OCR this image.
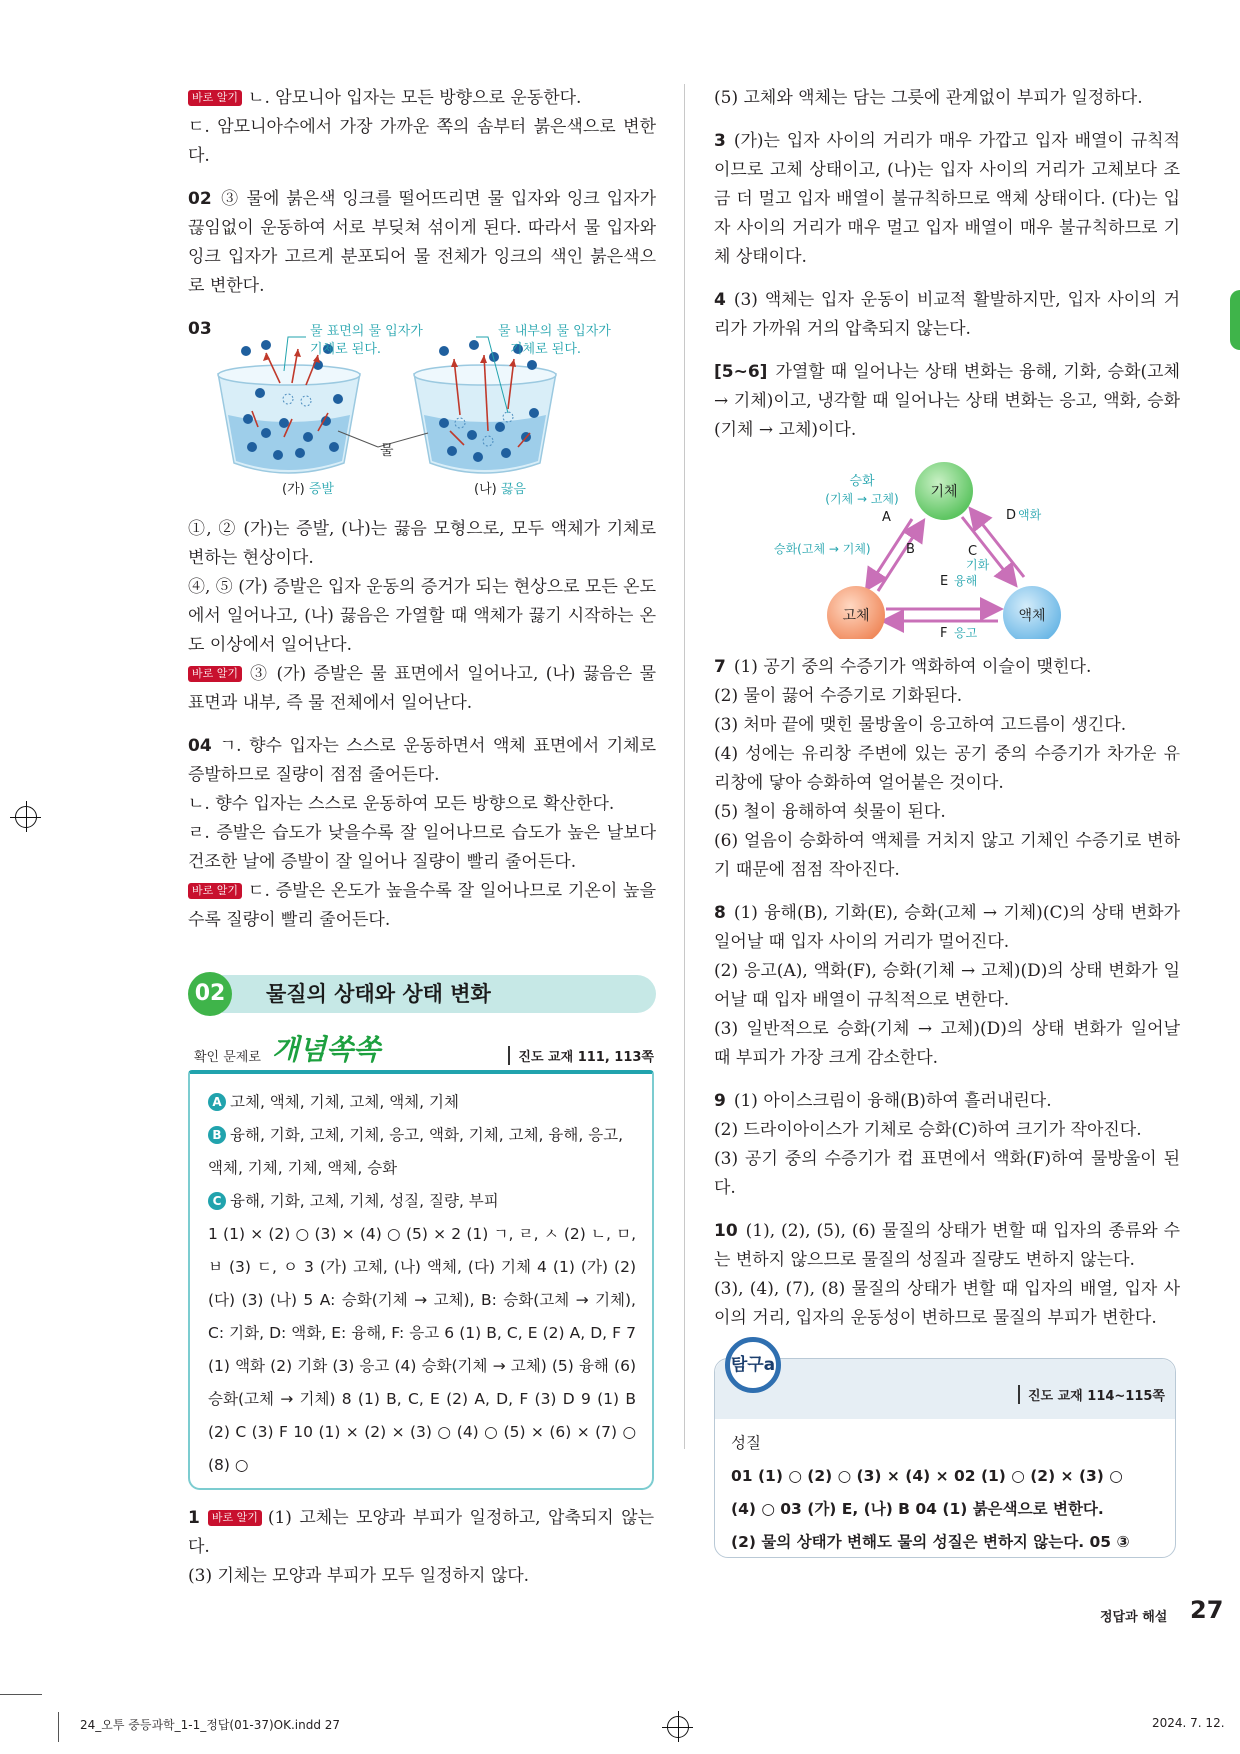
바로 알기 ㄴ. 암모니아 입자는 모든 방향으로 운동한다.

ㄷ. 암모니아수에서 가장 가까운 쪽의 솜부터 붉은색으로 변한다.

02 ③ 물에 붉은색 잉크를 떨어뜨리면 물 입자와 잉크 입자가 끊임없이 운동하여 서로 부딪쳐 섞이게 된다. 따라서 물 입자와 잉크 입자가 고르게 분포되어 물 전체가 잉크의 색인 붉은색으로 변한다.

03	물 표면의 물 입자가
기체로 된다.
물 내부의 물 입자가
기체로 된다.
물
(가) 증발	(나) 끓음

①, ② (가)는 증발, (나)는 끓음 모형으로, 모두 액체가 기체로 변하는 현상이다.

④, ⑤ (가) 증발은 입자 운동의 증거가 되는 현상으로 모든 온도에서 일어나고, (나) 끓음은 가열할 때 액체가 끓기 시작하는 온도 이상에서 일어난다.

바로 알기 ③ (가) 증발은 물 표면에서 일어나고, (나) 끓음은 물 표면과 내부, 즉 물 전체에서 일어난다.

04 ㄱ. 향수 입자는 스스로 운동하면서 액체 표면에서 기체로 증발하므로 질량이 점점 줄어든다.

ㄴ. 향수 입자는 스스로 운동하여 모든 방향으로 확산한다.

ㄹ. 증발은 습도가 낮을수록 잘 일어나므로 습도가 높은 날보다 건조한 날에 증발이 잘 일어나 질량이 빨리 줄어든다.

바로 알기 ㄷ. 증발은 온도가 높을수록 잘 일어나므로 기온이 높을수록 질량이 빨리 줄어든다.

02	물질의 상태와 상태 변화
확인 문제로 개념쏙쏙	진도 교재 111, 113쪽
A 고체, 액체, 기체, 고체, 액체, 기체
B 융해, 기화, 고체, 기체, 응고, 액화, 기체, 고체, 융해, 응고, 액체, 기체, 기체, 액체, 승화
C 융해, 기화, 고체, 기체, 성질, 질량, 부피
1 (1) × (2) ○ (3) × (4) ○ (5) × 2 (1) ㄱ, ㄹ, ㅅ (2) ㄴ, ㅁ, ㅂ (3) ㄷ, ㅇ 3 (가) 고체, (나) 액체, (다) 기체 4 (1) (가) (2) (다) (3) (나) 5 A: 승화(기체 → 고체), B: 승화(고체 → 기체), C: 기화, D: 액화, E: 융해, F: 응고 6 (1) B, C, E (2) A, D, F 7 (1) 액화 (2) 기화 (3) 응고 (4) 승화(기체 → 고체) (5) 융해 (6) 승화(고체 → 기체) 8 (1) B, C, E (2) A, D, F (3) D 9 (1) B (2) C (3) F 10 (1) × (2) × (3) ○ (4) ○ (5) × (6) × (7) ○ (8) ○

1 바로 알기 (1) 고체는 모양과 부피가 일정하고, 압축되지 않는다.

(3) 기체는 모양과 부피가 모두 일정하지 않다.

(5) 고체와 액체는 담는 그릇에 관계없이 부피가 일정하다.

3 (가)는 입자 사이의 거리가 매우 가깝고 입자 배열이 규칙적이므로 고체 상태이고, (나)는 입자 사이의 거리가 고체보다 조금 더 멀고 입자 배열이 불규칙하므로 액체 상태이다. (다)는 입자 사이의 거리가 매우 멀고 입자 배열이 매우 불규칙하므로 기체 상태이다.

4 (3) 액체는 입자 운동이 비교적 활발하지만, 입자 사이의 거리가 가까워 거의 압축되지 않는다.

[5~6] 가열할 때 일어나는 상태 변화는 융해, 기화, 승화(고체 → 기체)이고, 냉각할 때 일어나는 상태 변화는 응고, 액화, 승화(기체 → 고체)이다.

기체
고체	액체
승화
(기체 → 고체)
A
승화(고체 → 기체)	B
D 액화
C
기화
E 융해
F 응고

7 (1) 공기 중의 수증기가 액화하여 이슬이 맺힌다.

(2) 물이 끓어 수증기로 기화된다.

(3) 처마 끝에 맺힌 물방울이 응고하여 고드름이 생긴다.

(4) 성에는 유리창 주변에 있는 공기 중의 수증기가 차가운 유리창에 닿아 승화하여 얼어붙은 것이다.

(5) 철이 융해하여 쇳물이 된다.

(6) 얼음이 승화하여 액체를 거치지 않고 기체인 수증기로 변하기 때문에 점점 작아진다.

8 (1) 융해(B), 기화(E), 승화(고체 → 기체)(C)의 상태 변화가 일어날 때 입자 사이의 거리가 멀어진다.

(2) 응고(A), 액화(F), 승화(기체 → 고체)(D)의 상태 변화가 일어날 때 입자 배열이 규칙적으로 변한다.

(3) 일반적으로 승화(기체 → 고체)(D)의 상태 변화가 일어날 때 부피가 가장 크게 감소한다.

9 (1) 아이스크림이 융해(B)하여 흘러내린다.

(2) 드라이아이스가 기체로 승화(C)하여 크기가 작아진다.

(3) 공기 중의 수증기가 컵 표면에서 액화(F)하여 물방울이 된다.

10 (1), (2), (5), (6) 물질의 상태가 변할 때 입자의 종류와 수는 변하지 않으므로 물질의 성질과 질량도 변하지 않는다.

(3), (4), (7), (8) 물질의 상태가 변할 때 입자의 배열, 입자 사이의 거리, 입자의 운동성이 변하므로 물질의 부피가 변한다.

탐구a
진도 교재 114~115쪽
성질
01 (1) ○ (2) ○ (3) × (4) × 02 (1) ○ (2) × (3) ○
(4) ○ 03 (가) E, (나) B 04 (1) 붉은색으로 변한다.
(2) 물의 상태가 변해도 물의 성질은 변하지 않는다. 05 ③
정답과 해설 27
24_오투 중등과학_1-1_정답(01-37)OK.indd 27	2024. 7. 12.
